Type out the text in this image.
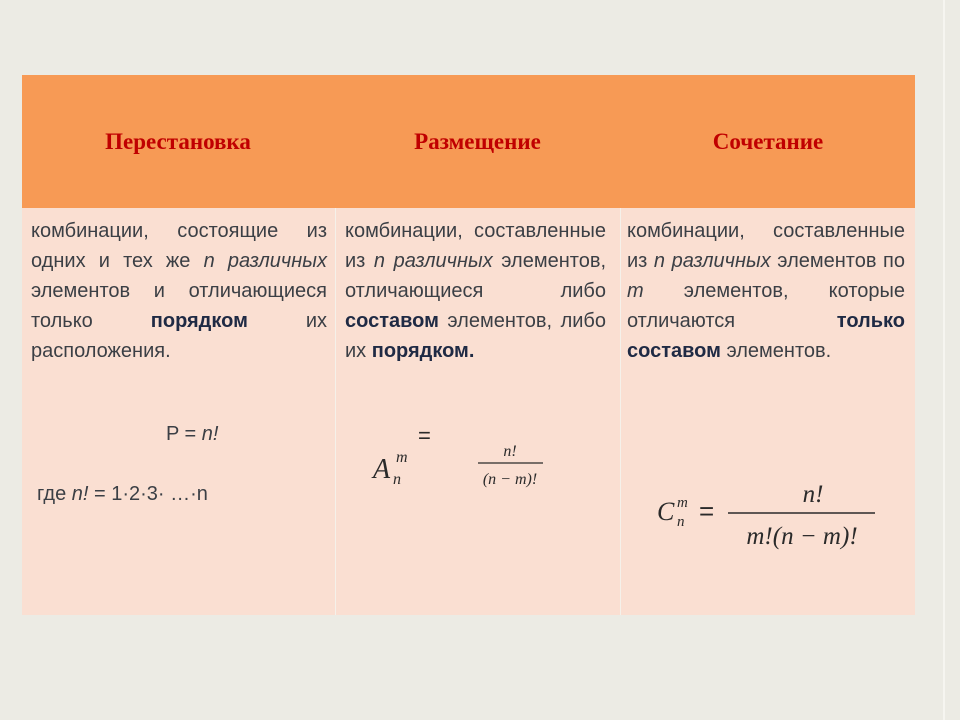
Перестановка	Размещение	Сочетание

комбинации, состоящие из одних и тех же n различных элементов и отличающиеся только порядком их расположения.

P = n!
где n! = 1·2·3· …·n

комбинации, составленные из n различных элементов, отличающиеся либо составом элементов, либо их порядком.

A m
n
=
n!
(n − m)!

комбинации, составленные из n различных элементов по m элементов, которые отличаются только составом элементов.

C m
n =
n!
m!(n − m)!
